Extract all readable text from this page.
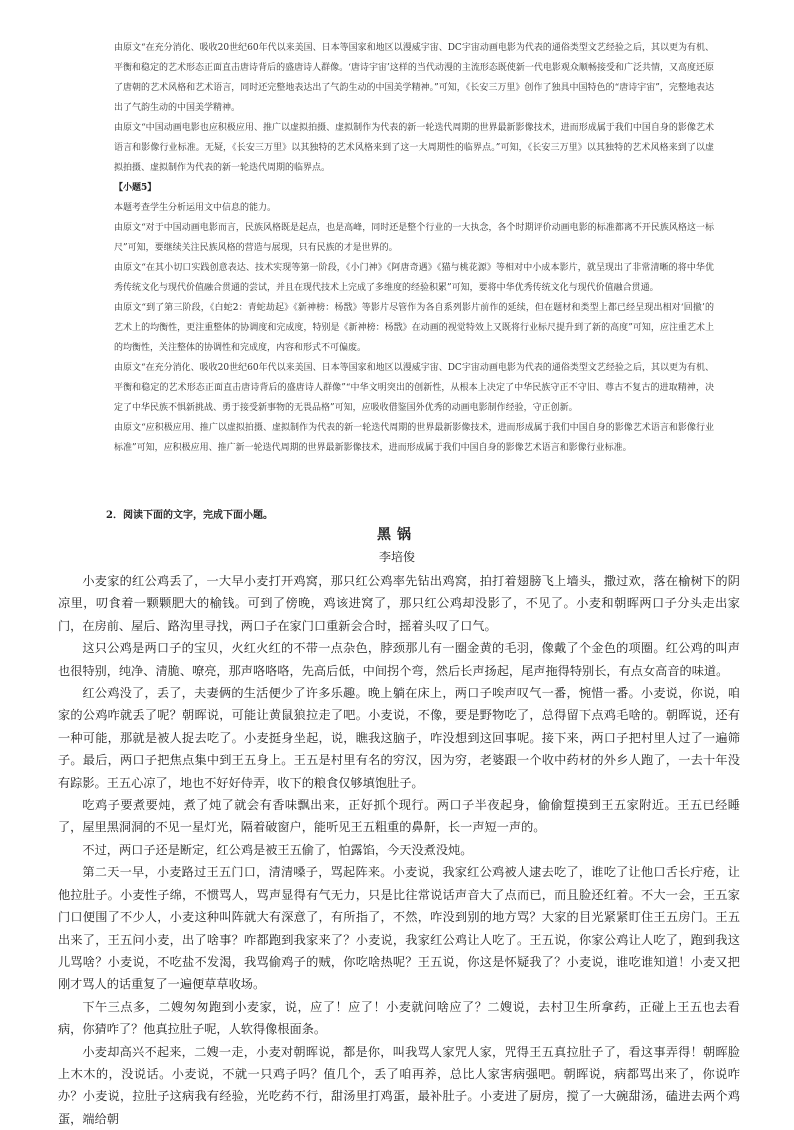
由原文“在充分消化、吸收20世纪60年代以来美国、日本等国家和地区以漫威宇宙、DC宇宙动画电影为代表的通俗类型文艺经验之后，其以更为有机、平衡和稳定的艺术形态正面直击唐诗背后的盛唐诗人群像。‘唐诗宇宙’这样的当代动漫的主流形态既使新一代电影观众顺畅接受和广泛共情，又高度还原了唐朝的艺术风格和艺术语言，同时还完整地表达出了气韵生动的中国美学精神。”可知，《长安三万里》创作了独具中国特色的“唐诗宇宙”，完整地表达出了气韵生动的中国美学精神。

由原文“中国动画电影也应积极应用、推广以虚拟拍摄、虚拟制作为代表的新一轮迭代周期的世界最新影像技术，进而形成属于我们中国自身的影像艺术语言和影像行业标准。无疑，《长安三万里》以其独特的艺术风格来到了这一大周期性的临界点。”可知，《长安三万里》以其独特的艺术风格来到了以虚拟拍摄、虚拟制作为代表的新一轮迭代周期的临界点。

【小题5】

本题考查学生分析运用文中信息的能力。

由原文“对于中国动画电影而言，民族风格既是起点，也是高峰，同时还是整个行业的一大执念，各个时期评价动画电影的标准都离不开民族风格这一标尺”可知，要继续关注民族风格的营造与展现，只有民族的才是世界的。

由原文“在其小切口实践创意表达、技术实现等第一阶段，《小门神》《阿唐奇遇》《猫与桃花源》等相对中小成本影片，就呈现出了非常清晰的将中华优秀传统文化与现代价值融合贯通的尝试，并且在现代技术上完成了多维度的经验积累”可知，要将中华优秀传统文化与现代价值融合贯通。

由原文“到了第三阶段，《白蛇2：青蛇劫起》《新神榜：杨戬》等影片尽管作为各自系列影片前作的延续，但在题材和类型上都已经呈现出相对‘回撤’的艺术上的均衡性，更注重整体的协调度和完成度，特别是《新神榜：杨戬》在动画的视觉特效上又既将行业标尺提升到了新的高度”可知，应注重艺术上的均衡性，关注整体的协调性和完成度，内容和形式不可偏废。

由原文“在充分消化、吸收20世纪60年代以来美国、日本等国家和地区以漫威宇宙、DC宇宙动画电影为代表的通俗类型文艺经验之后，其以更为有机、平衡和稳定的艺术形态正面直击唐诗背后的盛唐诗人群像”“中华文明突出的创新性，从根本上决定了中华民族守正不守旧、尊古不复古的进取精神，决定了中华民族不惧新挑战、勇于接受新事物的无畏品格”可知，应吸收借鉴国外优秀的动画电影制作经验，守正创新。

由原文“应积极应用、推广以虚拟拍摄、虚拟制作为代表的新一轮迭代周期的世界最新影像技术，进而形成属于我们中国自身的影像艺术语言和影像行业标准”可知，应积极应用、推广新一轮迭代周期的世界最新影像技术，进而形成属于我们中国自身的影像艺术语言和影像行业标准。

2．阅读下面的文字，完成下面小题。
黑锅
李培俊

小麦家的红公鸡丢了，一大早小麦打开鸡窝，那只红公鸡率先钻出鸡窝，拍打着翅膀飞上墙头，撒过欢，落在榆树下的阴凉里，叨食着一颗颗肥大的榆钱。可到了傍晚，鸡该进窝了，那只红公鸡却没影了，不见了。小麦和朝晖两口子分头走出家门，在房前、屋后、路沟里寻找，两口子在家门口重新会合时，摇着头叹了口气。

这只公鸡是两口子的宝贝，火红火红的不带一点杂色，脖颈那儿有一圈金黄的毛羽，像戴了个金色的项圈。红公鸡的叫声也很特别，纯净、清脆、嘹亮，那声咯咯咯，先高后低，中间拐个弯，然后长声扬起，尾声拖得特别长，有点女高音的味道。

红公鸡没了，丢了，夫妻俩的生活便少了许多乐趣。晚上躺在床上，两口子唉声叹气一番，惋惜一番。小麦说，你说，咱家的公鸡咋就丢了呢？朝晖说，可能让黄鼠狼拉走了吧。小麦说，不像，要是野物吃了，总得留下点鸡毛啥的。朝晖说，还有一种可能，那就是被人捉去吃了。小麦挺身坐起，说，瞧我这脑子，咋没想到这回事呢。接下来，两口子把村里人过了一遍筛子。最后，两口子把焦点集中到王五身上。王五是村里有名的穷汉，因为穷，老婆跟一个收中药材的外乡人跑了，一去十年没有踪影。王五心凉了，地也不好好侍弄，收下的粮食仅够填饱肚子。

吃鸡子要煮要炖，煮了炖了就会有香味飘出来，正好抓个现行。两口子半夜起身，偷偷踅摸到王五家附近。王五已经睡了，屋里黑洞洞的不见一星灯光，隔着破窗户，能听见王五粗重的鼻鼾，长一声短一声的。

不过，两口子还是断定，红公鸡是被王五偷了，怕露馅，今天没煮没炖。

第二天一早，小麦路过王五门口，清清嗓子，骂起阵来。小麦说，我家红公鸡被人逮去吃了，谁吃了让他口舌长疔疮，让他拉肚子。小麦性子绵，不惯骂人，骂声显得有气无力，只是比往常说话声音大了点而已，而且脸还红着。不大一会，王五家门口便围了不少人，小麦这种叫阵就大有深意了，有所指了，不然，咋没到别的地方骂？大家的目光紧紧盯住王五房门。王五出来了，王五问小麦，出了啥事？咋都跑到我家来了？小麦说，我家红公鸡让人吃了。王五说，你家公鸡让人吃了，跑到我这儿骂啥？小麦说，不吃盐不发渴，我骂偷鸡子的贼，你吃啥热呢？王五说，你这是怀疑我了？小麦说，谁吃谁知道！小麦又把刚才骂人的话重复了一遍便草草收场。

下午三点多，二嫂匆匆跑到小麦家，说，应了！应了！小麦就问啥应了？二嫂说，去村卫生所拿药，正碰上王五也去看病，你猜咋了？他真拉肚子呢，人软得像根面条。

小麦却高兴不起来，二嫂一走，小麦对朝晖说，都是你，叫我骂人家咒人家，咒得王五真拉肚子了，看这事弄得！朝晖脸上木木的，没说话。小麦说，不就一只鸡子吗？值几个，丢了咱再养，总比人家害病强吧。朝晖说，病都骂出来了，你说咋办？小麦说，拉肚子这病我有经验，光吃药不行，甜汤里打鸡蛋，最补肚子。小麦进了厨房，搅了一大碗甜汤，磕进去两个鸡蛋，端给朝
